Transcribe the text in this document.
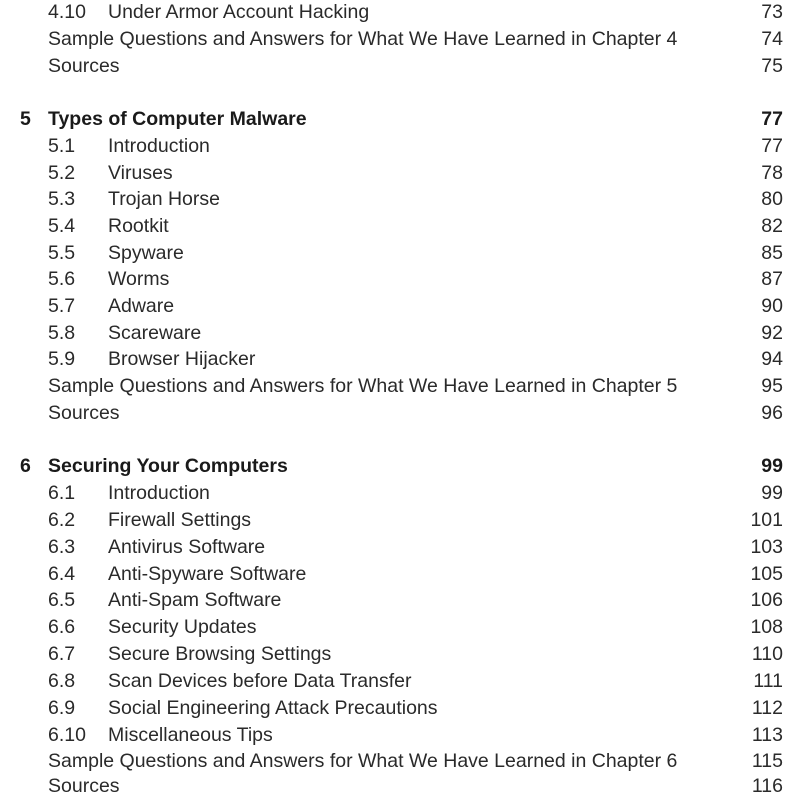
4.10 Under Armor Account Hacking	73
Sample Questions and Answers for What We Have Learned in Chapter 4	74
Sources	75
5 Types of Computer Malware	77
5.1 Introduction	77
5.2 Viruses	78
5.3 Trojan Horse	80
5.4 Rootkit	82
5.5 Spyware	85
5.6 Worms	87
5.7 Adware	90
5.8 Scareware	92
5.9 Browser Hijacker	94
Sample Questions and Answers for What We Have Learned in Chapter 5	95
Sources	96
6 Securing Your Computers	99
6.1 Introduction	99
6.2 Firewall Settings	101
6.3 Antivirus Software	103
6.4 Anti-Spyware Software	105
6.5 Anti-Spam Software	106
6.6 Security Updates	108
6.7 Secure Browsing Settings	110
6.8 Scan Devices before Data Transfer	111
6.9 Social Engineering Attack Precautions	112
6.10 Miscellaneous Tips	113
Sample Questions and Answers for What We Have Learned in Chapter 6	115
Sources	116
